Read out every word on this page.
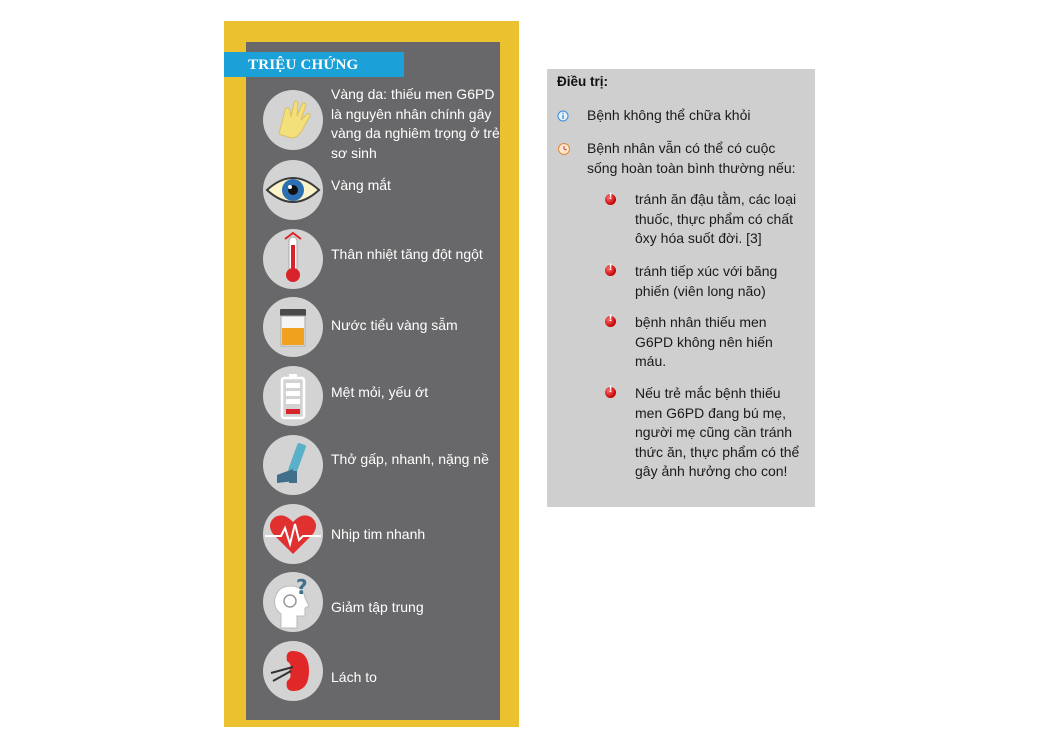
TRIỆU CHỨNG
Vàng da: thiếu men G6PD là nguyên nhân chính gây vàng da nghiêm trọng ở trẻ sơ sinh
Vàng mắt
Thân nhiệt tăng đột ngột
Nước tiểu vàng sẫm
Mệt mỏi, yếu ớt
Thở gấp, nhanh, nặng nề
Nhịp tim nhanh
?
Giảm tập trung
Lách to
Điều trị:
Bệnh không thể chữa khỏi
Bệnh nhân vẫn có thể có cuộc sống hoàn toàn bình thường nếu:
!
tránh ăn đậu tằm, các loại thuốc, thực phẩm có chất ôxy hóa suốt đời. [3]
!
tránh tiếp xúc với băng phiến (viên long não)
!
bệnh nhân thiếu men G6PD không nên hiến máu.
!
Nếu trẻ mắc bệnh thiếu men G6PD đang bú mẹ, người mẹ cũng cần tránh thức ăn, thực phẩm có thể gây ảnh hưởng cho con!
